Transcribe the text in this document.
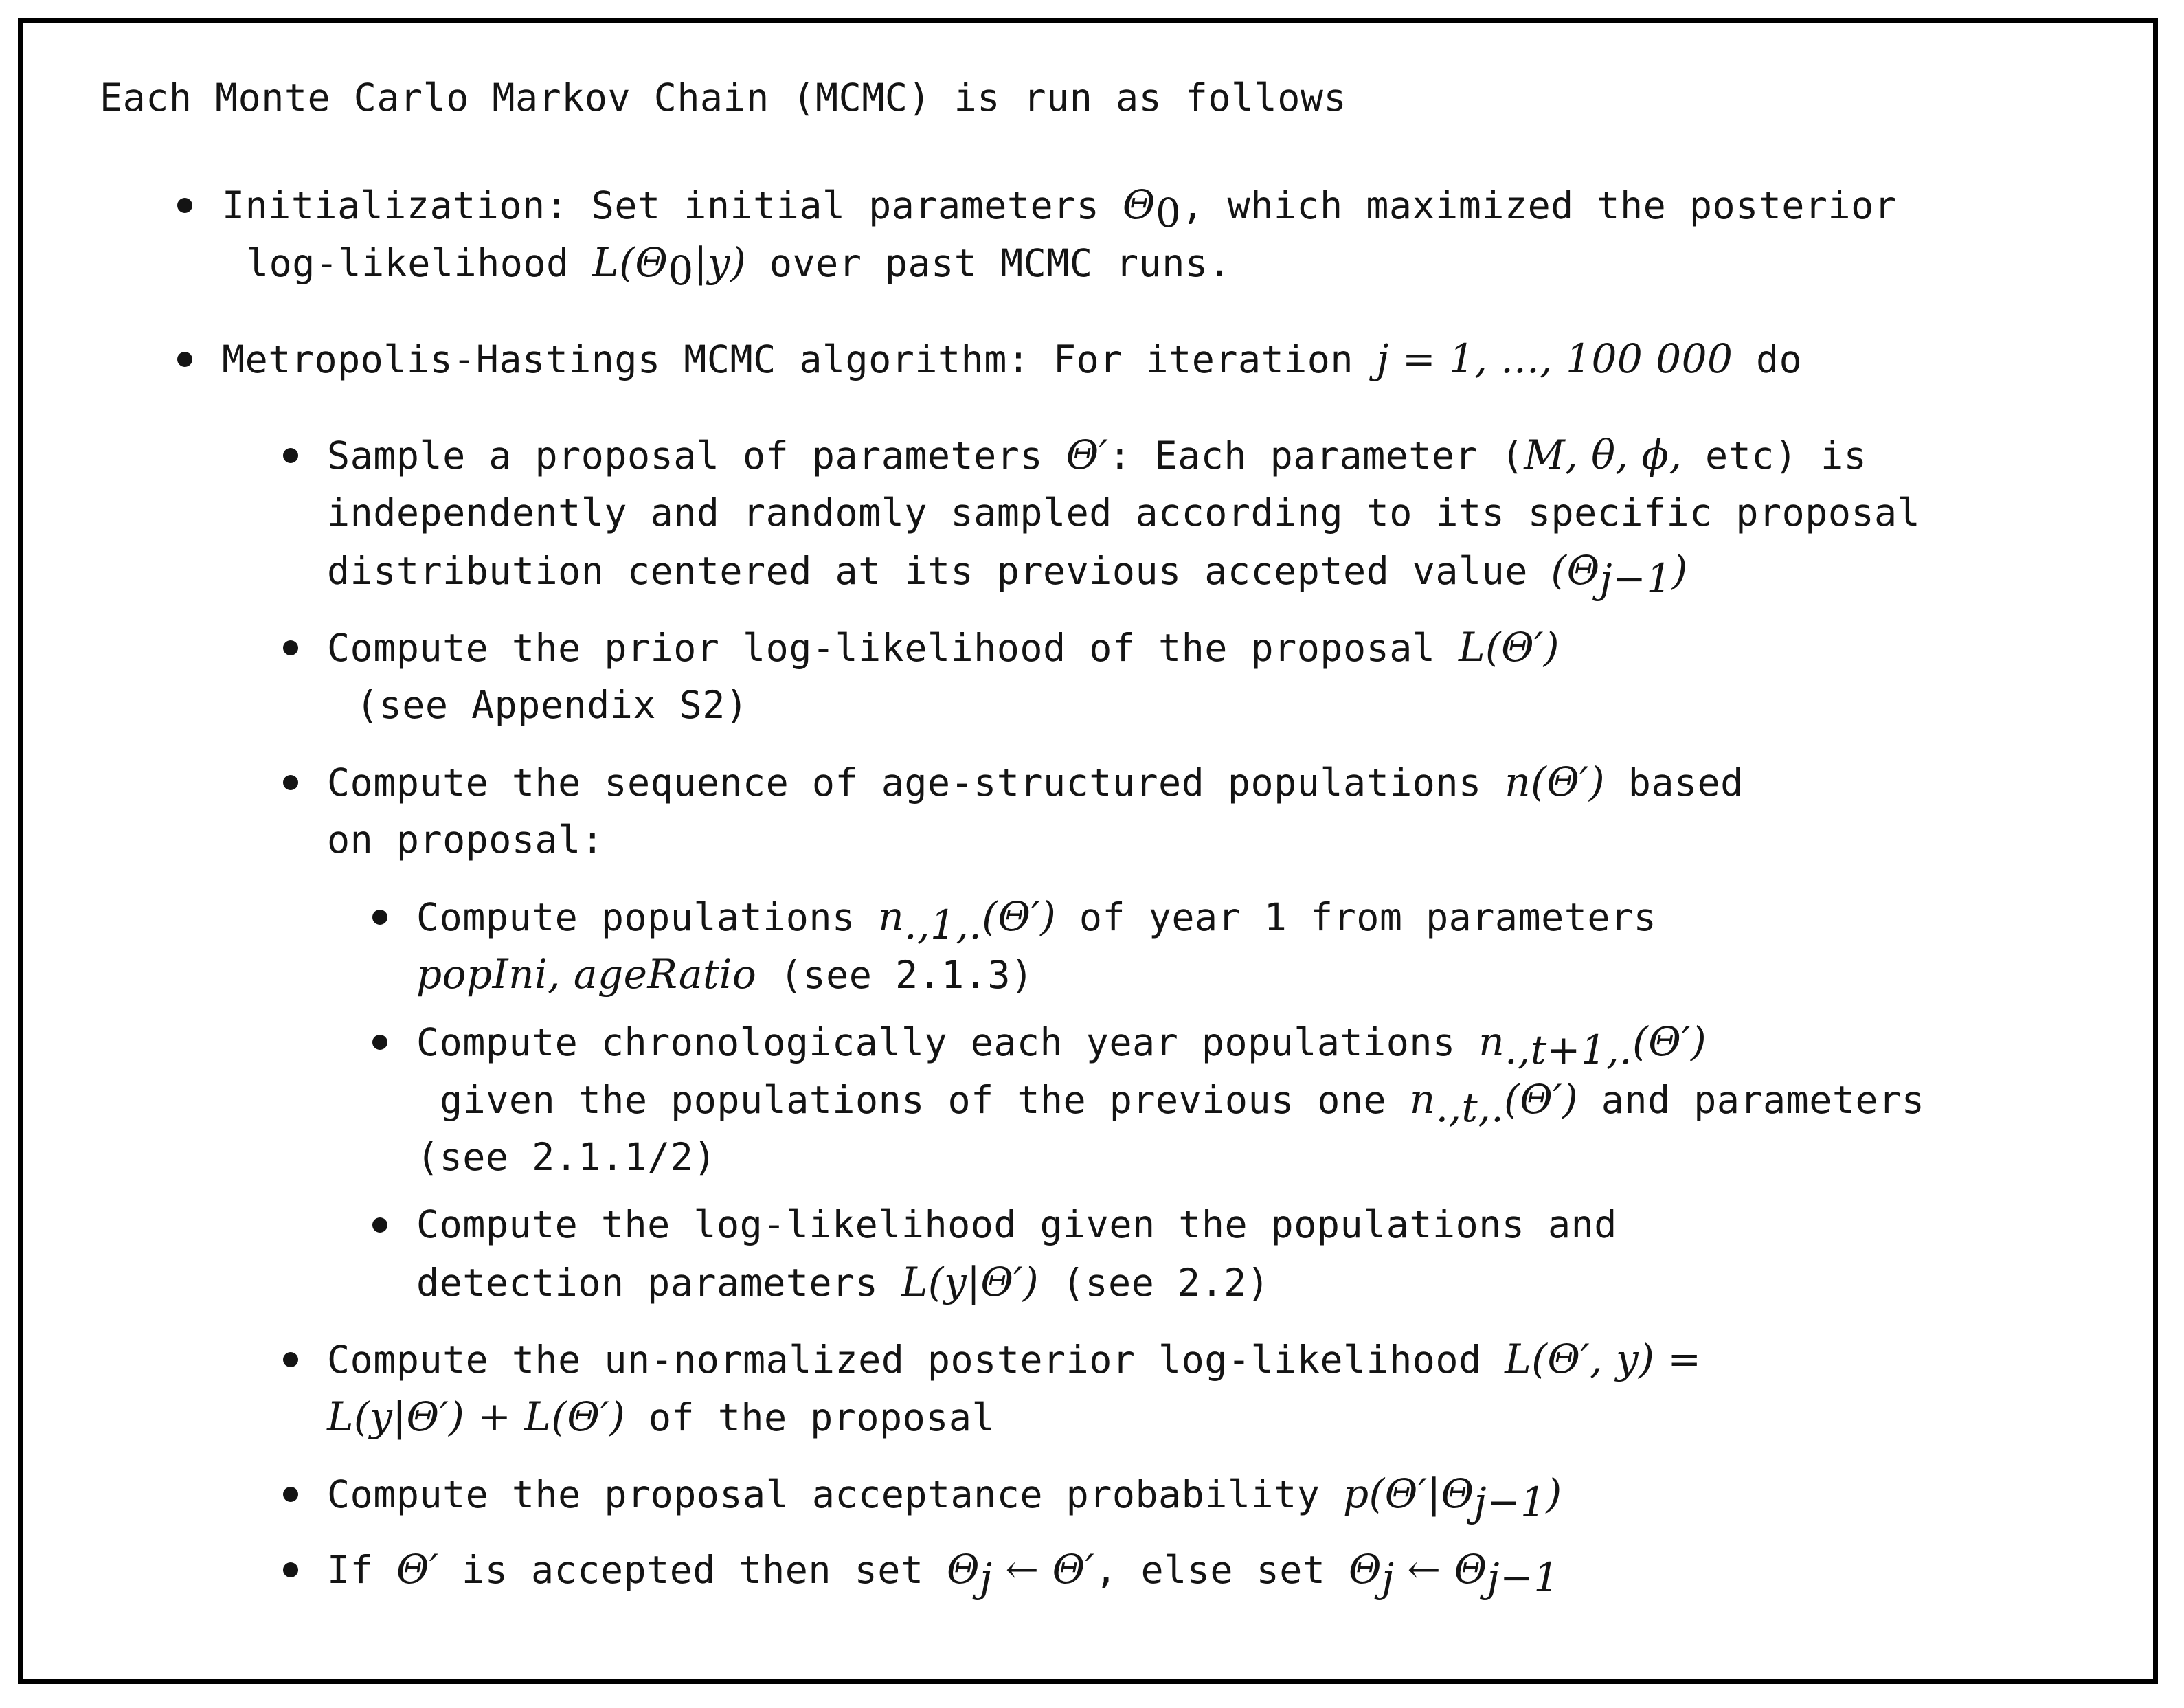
Each Monte Carlo Markov Chain (MCMC) is run as follows
Initialization: Set initial parameters $\Theta_0$, which maximized the posterior
log-likelihood $L(\Theta_0|y)$ over past MCMC runs.
Metropolis-Hastings MCMC algorithm: For iteration j = 1, ..., 100 000 do
Sample a proposal of parameters Θ′: Each parameter (M, θ, ϕ, etc) is
independently and randomly sampled according to its specific proposal
distribution centered at its previous accepted value $(\Theta_{j-1})$
Compute the prior log-likelihood of the proposal L(Θ′)
(see Appendix S2)
Compute the sequence of age-structured populations n(Θ′) based
on proposal:
Compute populations $n_{.,1,.}(\Theta')$ of year 1 from parameters
popIni, ageRatio (see 2.1.3)
Compute chronologically each year populations $n_{.,t+1,.}(\Theta')$
given the populations of the previous one $n_{.,t,.}(\Theta')$ and parameters
(see 2.1.1/2)
Compute the log-likelihood given the populations and
detection parameters L(y|Θ′) (see 2.2)
Compute the un-normalized posterior log-likelihood L(Θ′, y) =
L(y|Θ′) + L(Θ′) of the proposal
Compute the proposal acceptance probability $p(\Theta'|\Theta_{j-1})$
If Θ′ is accepted then set $\Theta_j$ ← Θ′, else set $\Theta_j$ ← $\Theta_{j-1}$
